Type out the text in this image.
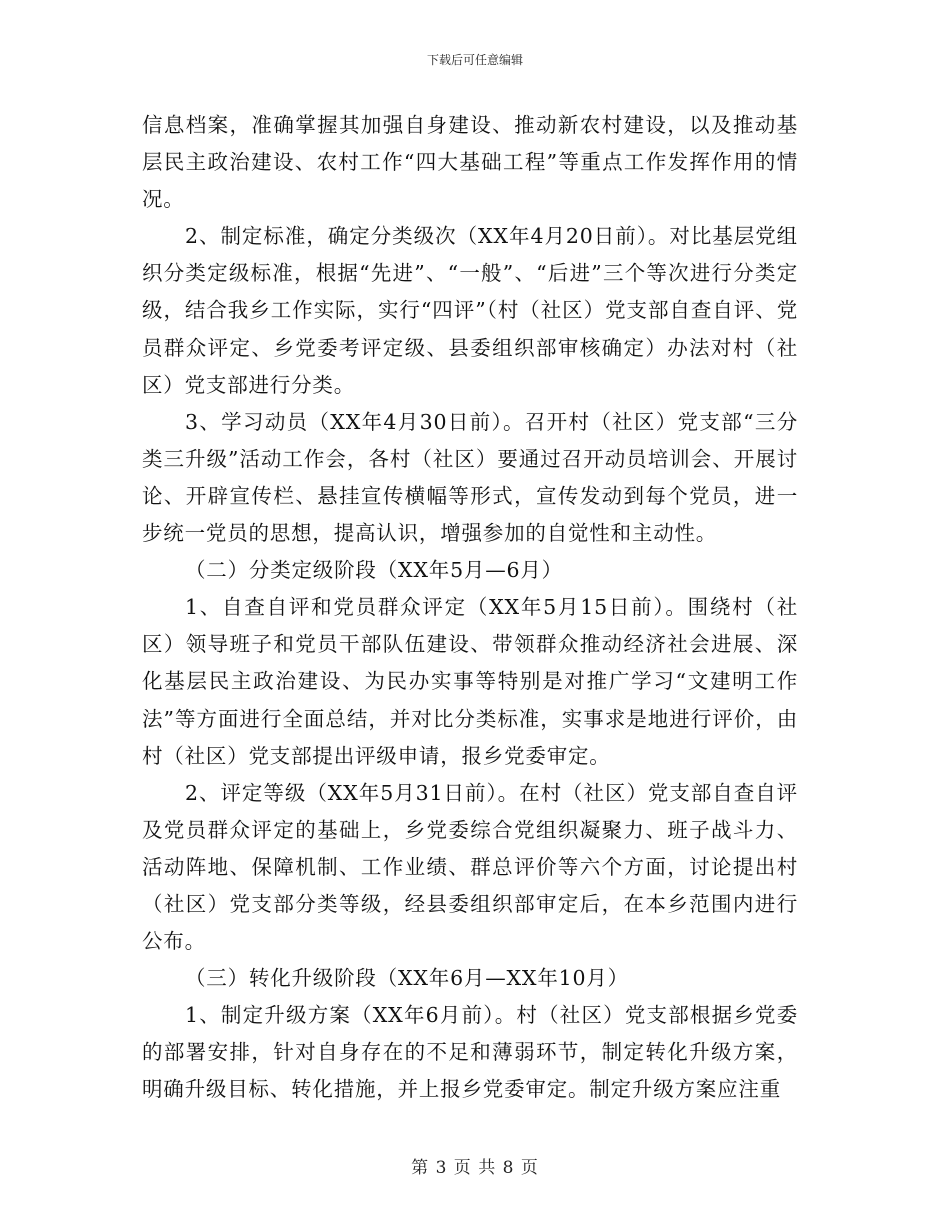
下载后可任意编辑

信息档案，准确掌握其加强自身建设、推动新农村建设，以及推动基层民主政治建设、农村工作“四大基础工程”等重点工作发挥作用的情况。

2、制定标准，确定分类级次（XX年4月20日前）。对比基层党组织分类定级标准，根据“先进”、“一般”、“后进”三个等次进行分类定级，结合我乡工作实际，实行“四评”（村（社区）党支部自查自评、党员群众评定、乡党委考评定级、县委组织部审核确定）办法对村（社区）党支部进行分类。

3、学习动员（XX年4月30日前）。召开村（社区）党支部“三分类三升级”活动工作会，各村（社区）要通过召开动员培训会、开展讨论、开辟宣传栏、悬挂宣传横幅等形式，宣传发动到每个党员，进一步统一党员的思想，提高认识，增强参加的自觉性和主动性。

（二）分类定级阶段（XX年5月—6月）

1、自查自评和党员群众评定（XX年5月15日前）。围绕村（社区）领导班子和党员干部队伍建设、带领群众推动经济社会进展、深化基层民主政治建设、为民办实事等特别是对推广学习“文建明工作法”等方面进行全面总结，并对比分类标准，实事求是地进行评价，由村（社区）党支部提出评级申请，报乡党委审定。

2、评定等级（XX年5月31日前）。在村（社区）党支部自查自评及党员群众评定的基础上，乡党委综合党组织凝聚力、班子战斗力、活动阵地、保障机制、工作业绩、群总评价等六个方面，讨论提出村（社区）党支部分类等级，经县委组织部审定后，在本乡范围内进行公布。

（三）转化升级阶段（XX年6月—XX年10月）

1、制定升级方案（XX年6月前）。村（社区）党支部根据乡党委的部署安排，针对自身存在的不足和薄弱环节，制定转化升级方案，明确升级目标、转化措施，并上报乡党委审定。制定升级方案应注重

第 3 页 共 8 页
